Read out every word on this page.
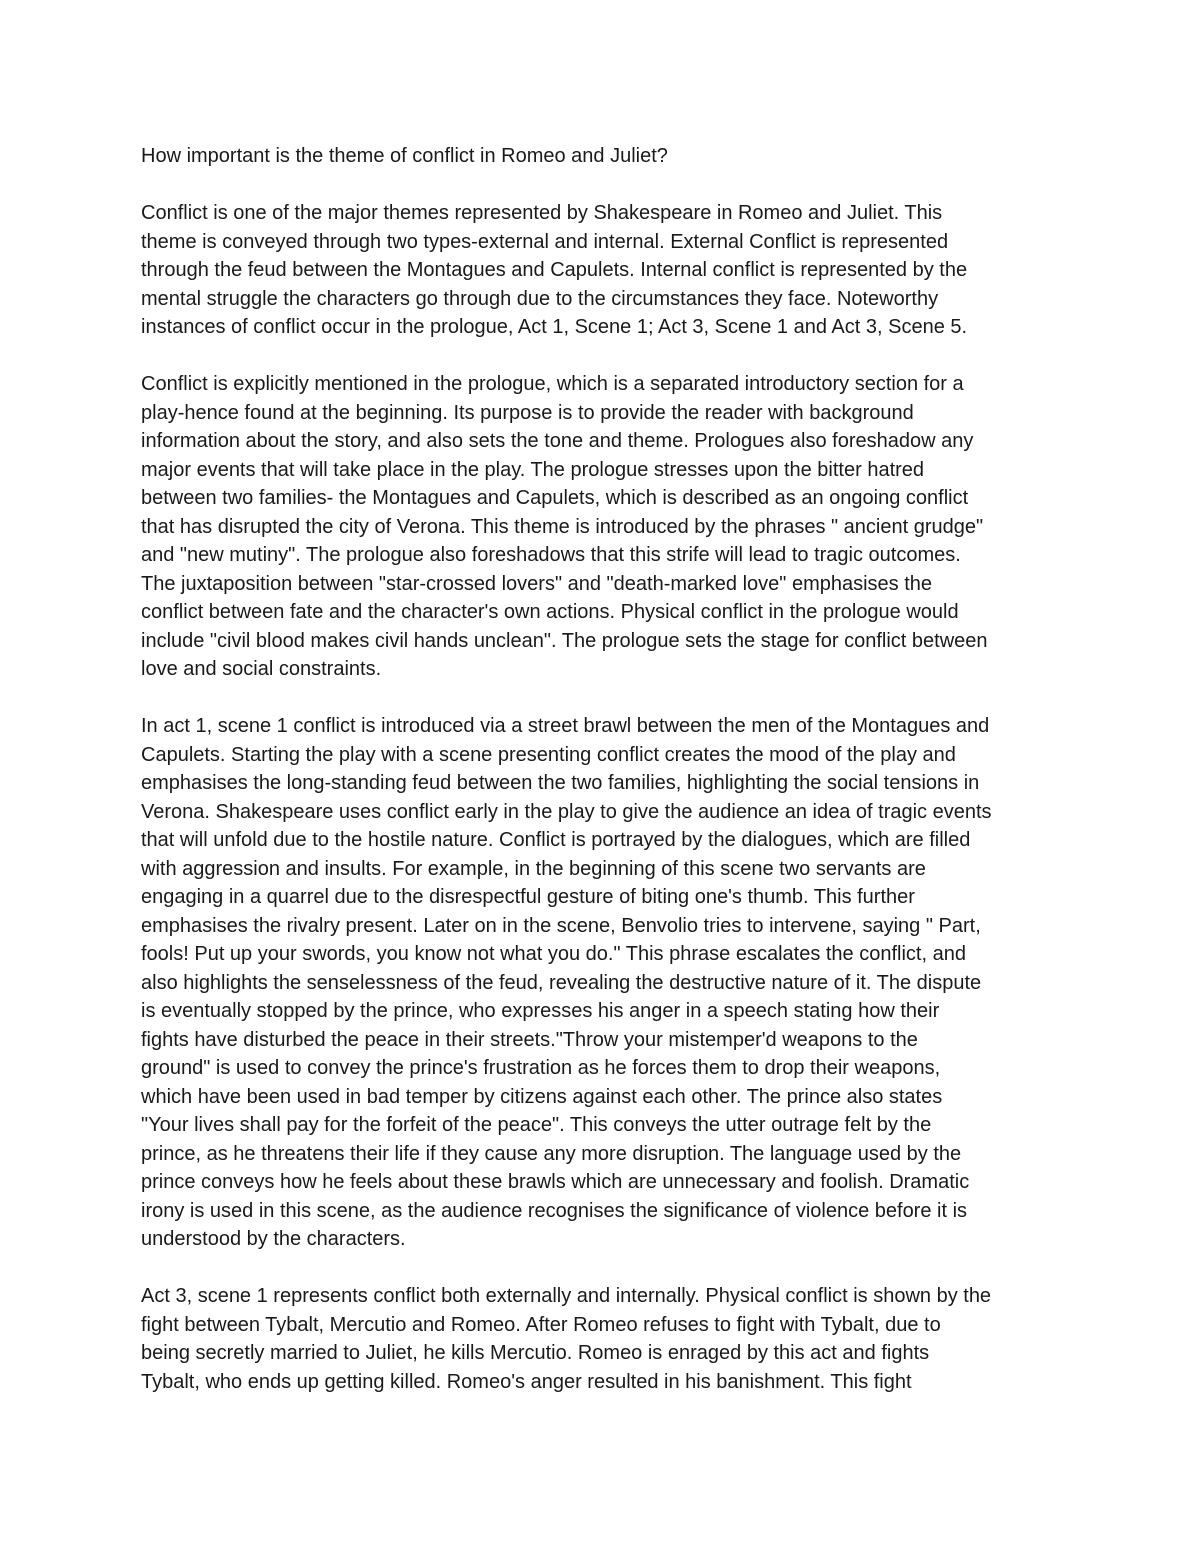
How important is the theme of conflict in Romeo and Juliet?
Conflict is one of the major themes represented by Shakespeare in Romeo and Juliet. This
theme is conveyed through two types-external and internal. External Conflict is represented
through the feud between the Montagues and Capulets. Internal conflict is represented by the
mental struggle the characters go through due to the circumstances they face. Noteworthy
instances of conflict occur in the prologue, Act 1, Scene 1; Act 3, Scene 1 and Act 3, Scene 5.
Conflict is explicitly mentioned in the prologue, which is a separated introductory section for a
play-hence found at the beginning. Its purpose is to provide the reader with background
information about the story, and also sets the tone and theme. Prologues also foreshadow any
major events that will take place in the play. The prologue stresses upon the bitter hatred
between two families- the Montagues and Capulets, which is described as an ongoing conflict
that has disrupted the city of Verona. This theme is introduced by the phrases " ancient grudge"
and "new mutiny". The prologue also foreshadows that this strife will lead to tragic outcomes.
The juxtaposition between "star-crossed lovers" and "death-marked love" emphasises the
conflict between fate and the character's own actions. Physical conflict in the prologue would
include "civil blood makes civil hands unclean". The prologue sets the stage for conflict between
love and social constraints.
In act 1, scene 1 conflict is introduced via a street brawl between the men of the Montagues and
Capulets. Starting the play with a scene presenting conflict creates the mood of the play and
emphasises the long-standing feud between the two families, highlighting the social tensions in
Verona. Shakespeare uses conflict early in the play to give the audience an idea of tragic events
that will unfold due to the hostile nature. Conflict is portrayed by the dialogues, which are filled
with aggression and insults. For example, in the beginning of this scene two servants are
engaging in a quarrel due to the disrespectful gesture of biting one's thumb. This further
emphasises the rivalry present. Later on in the scene, Benvolio tries to intervene, saying " Part,
fools! Put up your swords, you know not what you do." This phrase escalates the conflict, and
also highlights the senselessness of the feud, revealing the destructive nature of it. The dispute
is eventually stopped by the prince, who expresses his anger in a speech stating how their
fights have disturbed the peace in their streets."Throw your mistemper'd weapons to the
ground" is used to convey the prince's frustration as he forces them to drop their weapons,
which have been used in bad temper by citizens against each other. The prince also states
"Your lives shall pay for the forfeit of the peace". This conveys the utter outrage felt by the
prince, as he threatens their life if they cause any more disruption. The language used by the
prince conveys how he feels about these brawls which are unnecessary and foolish. Dramatic
irony is used in this scene, as the audience recognises the significance of violence before it is
understood by the characters.
Act 3, scene 1 represents conflict both externally and internally. Physical conflict is shown by the
fight between Tybalt, Mercutio and Romeo. After Romeo refuses to fight with Tybalt, due to
being secretly married to Juliet, he kills Mercutio. Romeo is enraged by this act and fights
Tybalt, who ends up getting killed. Romeo's anger resulted in his banishment. This fight
